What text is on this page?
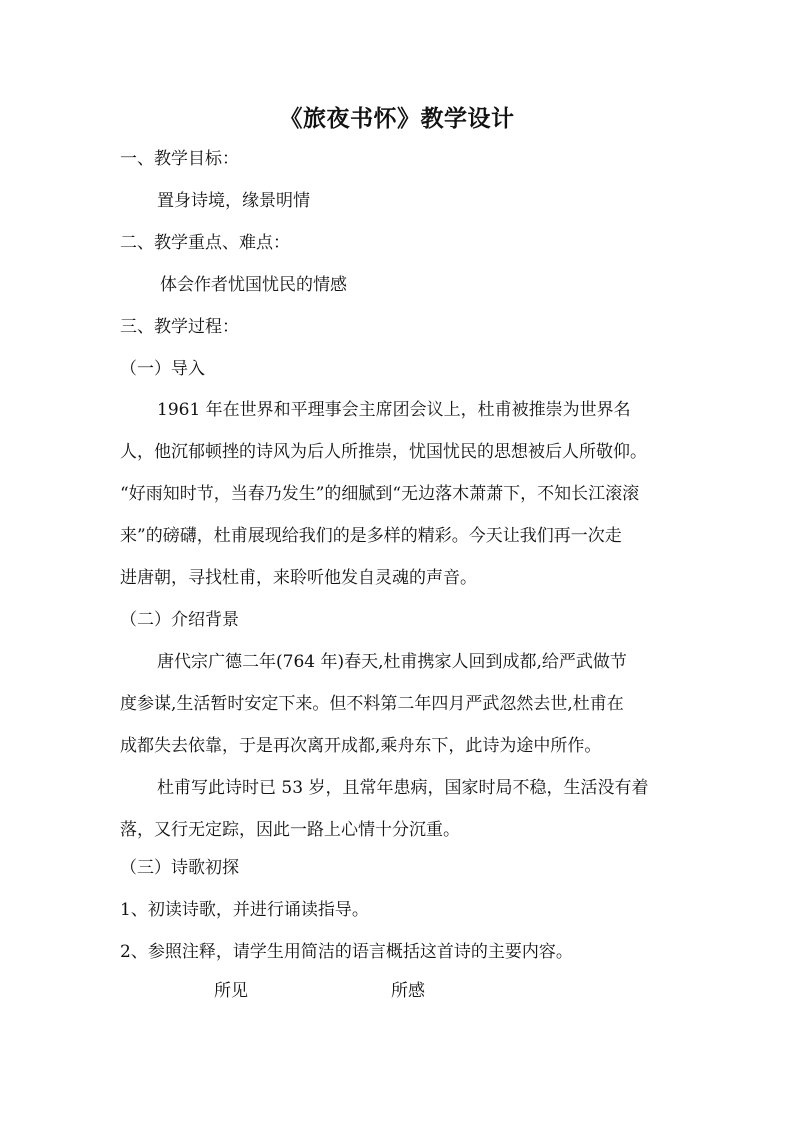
《旅夜书怀》教学设计
一、教学目标：
置身诗境，缘景明情
二、教学重点、难点：
体会作者忧国忧民的情感
三、教学过程：
（一）导入
1961 年在世界和平理事会主席团会议上，杜甫被推崇为世界名
人，他沉郁顿挫的诗风为后人所推崇，忧国忧民的思想被后人所敬仰。
“好雨知时节，当春乃发生”的细腻到“无边落木萧萧下，不知长江滚滚
来”的磅礴，杜甫展现给我们的是多样的精彩。今天让我们再一次走
进唐朝，寻找杜甫，来聆听他发自灵魂的声音。
（二）介绍背景
唐代宗广德二年(764 年)春天,杜甫携家人回到成都,给严武做节
度参谋,生活暂时安定下来。但不料第二年四月严武忽然去世,杜甫在
成都失去依靠，于是再次离开成都,乘舟东下，此诗为途中所作。
杜甫写此诗时已 53 岁，且常年患病，国家时局不稳，生活没有着
落，又行无定踪，因此一路上心情十分沉重。
（三）诗歌初探
1、初读诗歌，并进行诵读指导。
2、参照注释，请学生用简洁的语言概括这首诗的主要内容。
所见	所感
